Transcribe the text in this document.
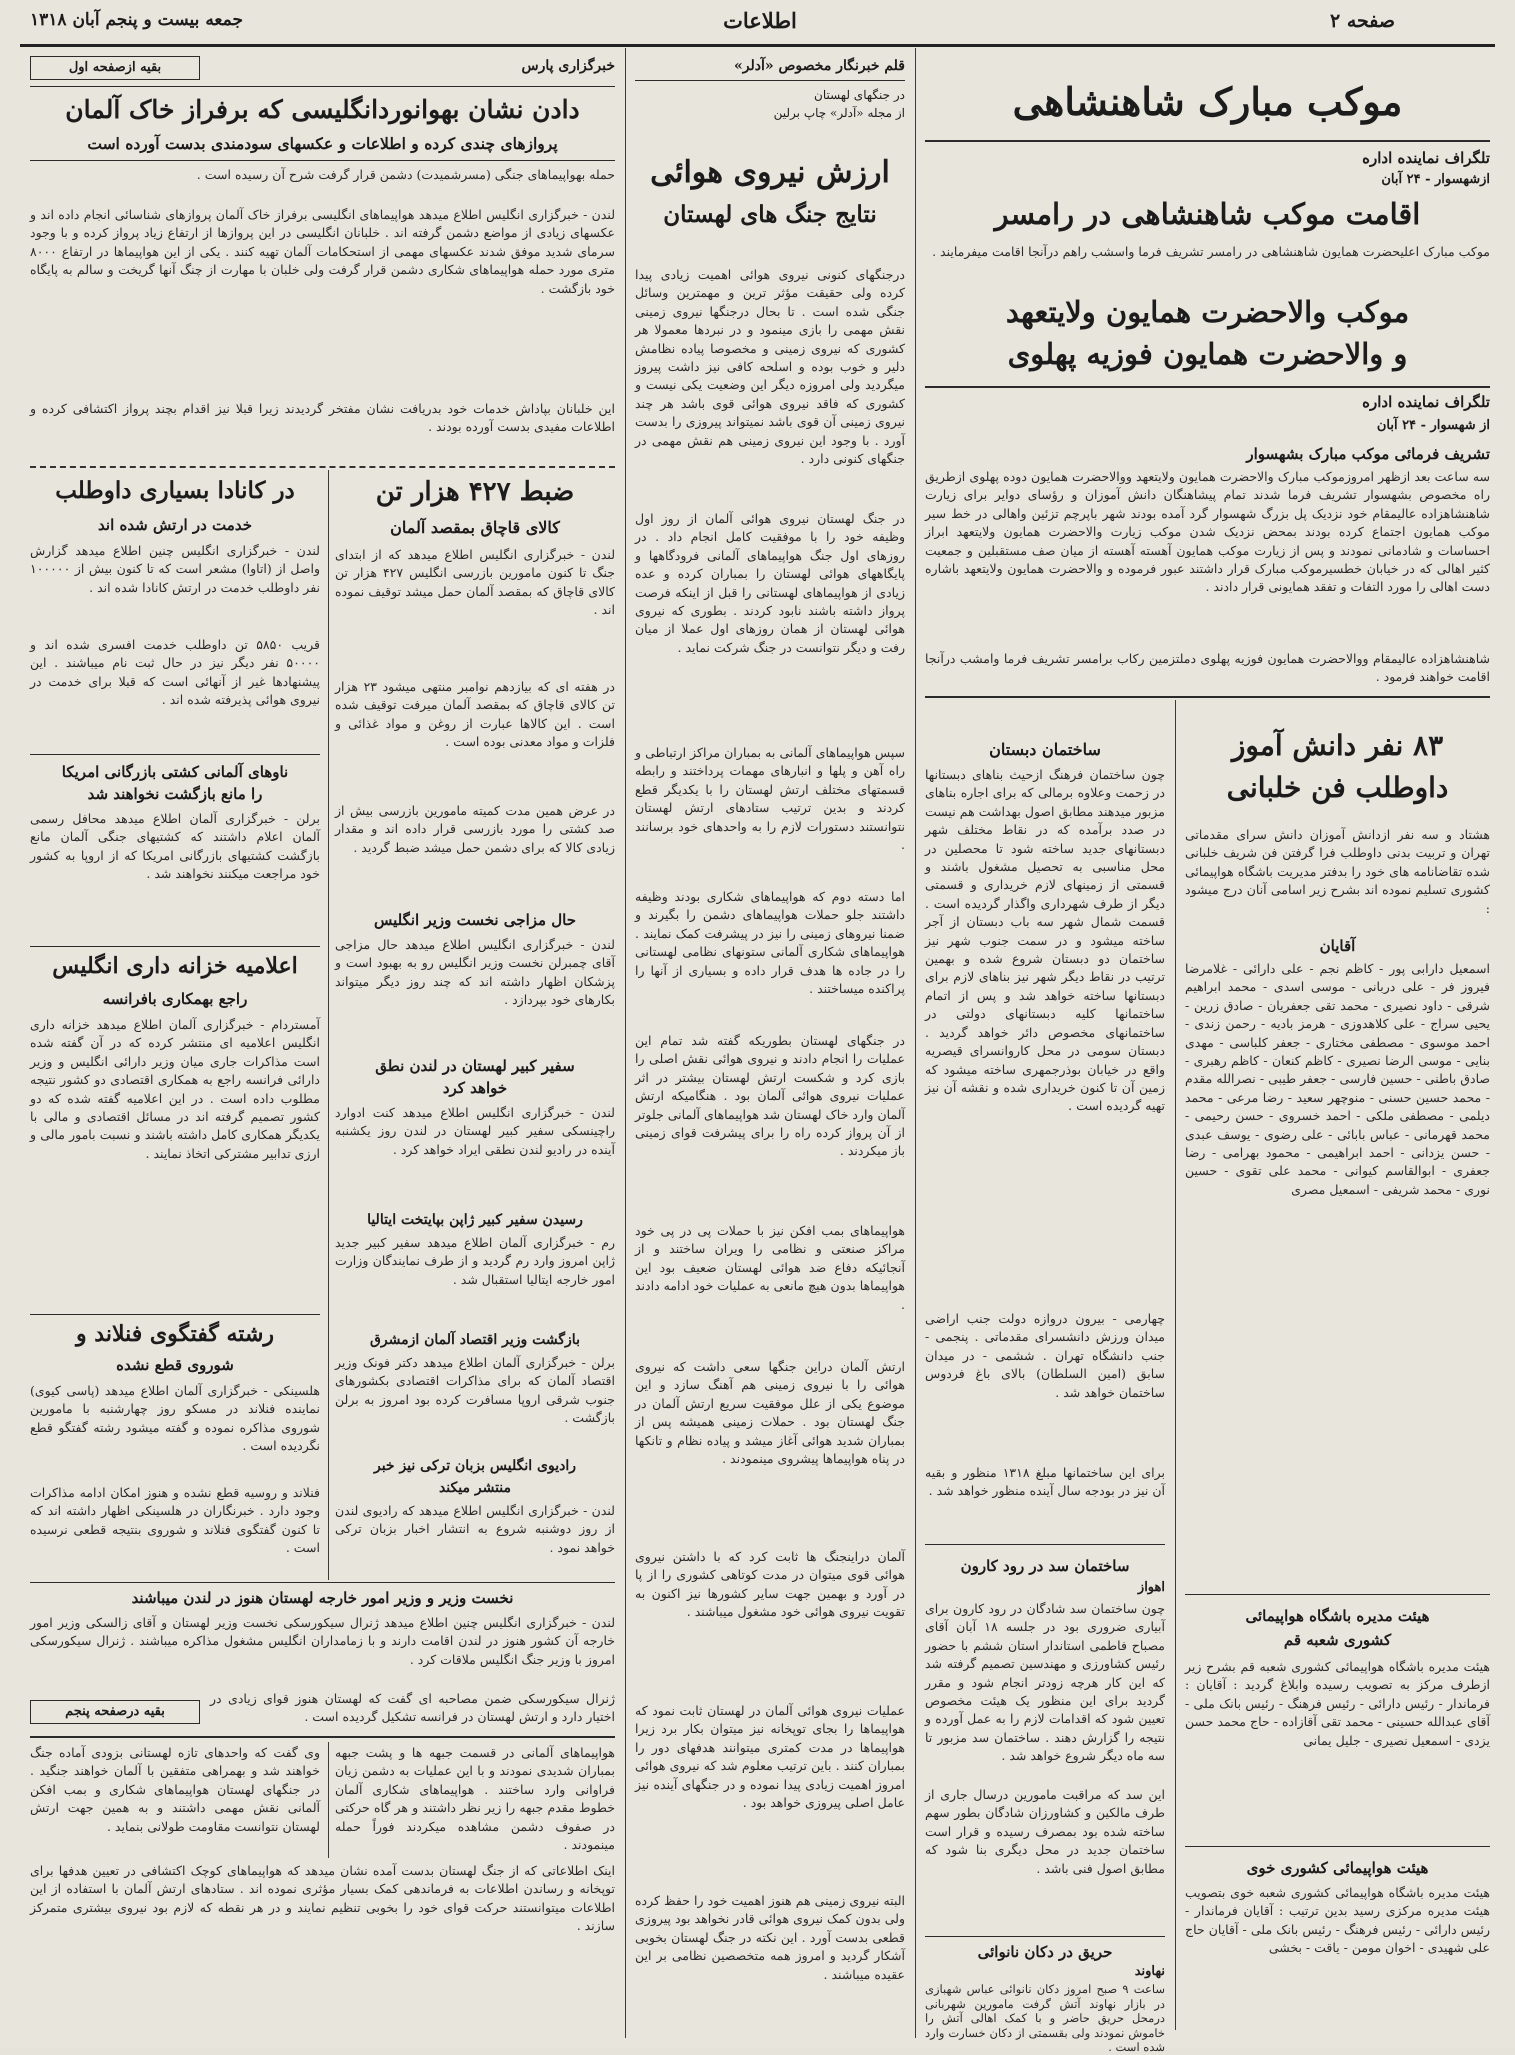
صفحه ۲
اطلاعات
جمعه بیست و پنجم آبان ۱۳۱۸
موکب مبارک شاهنشاهی
تلگراف نماینده اداره
ازشهسوار - ۲۴ آبان
اقامت موکب شاهنشاهی در رامسر
موکب مبارک اعلیحضرت همایون شاهنشاهی در رامسر تشریف فرما واسشب راهم درآنجا اقامت میفرمایند .
موکب والاحضرت همایون ولایتعهد
و والاحضرت همایون فوزیه پهلوی
تلگراف نماینده اداره
از شهسوار - ۲۴ آبان
تشریف فرمائی موکب مبارک بشهسوار
سه ساعت بعد ازظهر امروزموکب مبارک والاحضرت همایون ولایتعهد ووالاحضرت همایون دوده پهلوی ازطریق راه مخصوص بشهسوار تشریف فرما شدند تمام پیشاهنگان دانش آموزان و رؤسای دوایر برای زیارت شاهنشاهزاده عالیمقام خود نزدیک پل بزرگ شهسوار گرد آمده بودند شهر باپرچم تزئین واهالی در خط سیر موکب همایون اجتماع کرده بودند بمحض نزدیک شدن موکب زیارت والاحضرت همایون ولایتعهد ابراز احساسات و شادمانی نمودند و پس از زیارت موکب همایون آهسته آهسته از میان صف مستقبلین و جمعیت کثیر اهالی که در خیابان خطسیرموکب مبارک قرار داشتند عبور فرموده و والاحضرت همایون ولایتعهد باشاره دست اهالی را مورد التفات و تفقد همایونی قرار دادند .
شاهنشاهزاده عالیمقام ووالاحضرت همایون فوزیه پهلوی دملتزمین رکاب برامسر تشریف فرما وامشب درآنجا اقامت خواهند فرمود .
۸۳ نفر دانش آموز
داوطلب فن خلبانی
هشتاد و سه نفر ازدانش آموزان دانش سرای مقدماتی تهران و تربیت بدنی داوطلب فرا گرفتن فن شریف خلبانی شده تقاضانامه های خود را بدفتر مدیریت باشگاه هواپیمائی کشوری تسلیم نموده اند بشرح زیر اسامی آنان درج میشود :
آقایان
اسمعیل دارابی پور - کاظم نجم - علی دارائی - غلامرضا فیروز فر - علی دربانی - موسی اسدی - محمد ابراهیم شرقی - داود نصیری - محمد تقی جعفریان - صادق زرین - یحیی سراج - علی کلاهدوزی - هرمز بادیه - رحمن زندی - احمد موسوی - مصطفی مختاری - جعفر کلباسی - مهدی بنایی - موسی الرضا نصیری - کاظم کنعان - کاظم رهبری - صادق باطنی - حسین فارسی - جعفر طیبی - نصرالله مقدم - محمد حسین حسنی - منوچهر سعید - رضا مرعی - محمد دیلمی - مصطفی ملکی - احمد خسروی - حسن رحیمی - محمد قهرمانی - عباس بابائی - علی رضوی - یوسف عبدی - حسن یزدانی - احمد ابراهیمی - محمود بهرامی - رضا جعفری - ابوالقاسم کیوانی - محمد علی تقوی - حسین نوری - محمد شریفی - اسمعیل مصری
هیئت مدیره باشگاه هواپیمائی
کشوری شعبه قم
هیئت مدیره باشگاه هواپیمائی کشوری شعبه قم بشرح زیر ازطرف مرکز به تصویب رسیده وابلاغ گردید : آقایان : فرماندار - رئیس دارائی - رئیس فرهنگ - رئیس بانک ملی - آقای عبدالله حسینی - محمد تقی آقازاده - حاج محمد حسن یزدی - اسمعیل نصیری - جلیل یمانی
هیئت هواپیمائی کشوری خوی
هیئت مدیره باشگاه هواپیمائی کشوری شعبه خوی بتصویب هیئت مدیره مرکزی رسید بدین ترتیب : آقایان فرماندار - رئیس دارائی - رئیس فرهنگ - رئیس بانک ملی - آقایان حاج علی شهیدی - اخوان مومن - یاقت - بخشی
ساختمان دبستان
چون ساختمان فرهنگ ازحیث بناهای دبستانها در زحمت وعلاوه برمالی که برای اجاره بناهای مزبور میدهند مطابق اصول بهداشت هم نیست در صدد برآمده که در نقاط مختلف شهر دبستانهای جدید ساخته شود تا محصلین در محل مناسبی به تحصیل مشغول باشند و قسمتی از زمینهای لازم خریداری و قسمتی دیگر از طرف شهرداری واگذار گردیده است . قسمت شمال شهر سه باب دبستان از آجر ساخته میشود و در سمت جنوب شهر نیز ساختمان دو دبستان شروع شده و بهمین ترتیب در نقاط دیگر شهر نیز بناهای لازم برای دبستانها ساخته خواهد شد و پس از اتمام ساختمانها کلیه دبستانهای دولتی در ساختمانهای مخصوص دائر خواهد گردید . دبستان سومی در محل کاروانسرای قیصریه واقع در خیابان بوذرجمهری ساخته میشود که زمین آن تا کنون خریداری شده و نقشه آن نیز تهیه گردیده است .
چهارمی - بیرون دروازه دولت جنب اراضی میدان ورزش دانشسرای مقدماتی . پنجمی - جنب دانشگاه تهران . ششمی - در میدان سابق (امین السلطان) بالای باغ فردوس ساختمان خواهد شد .
برای این ساختمانها مبلغ ۱۳۱۸ منظور و بقیه آن نیز در بودجه سال آینده منظور خواهد شد .
ساختمان سد در رود کارون
اهواز
چون ساختمان سد شادگان در رود کارون برای آبیاری ضروری بود در جلسه ۱۸ آبان آقای مصباح فاطمی استاندار استان ششم با حضور رئیس کشاورزی و مهندسین تصمیم گرفته شد که این کار هرچه زودتر انجام شود و مقرر گردید برای این منظور یک هیئت مخصوص تعیین شود که اقدامات لازم را به عمل آورده و نتیجه را گزارش دهند . ساختمان سد مزبور تا سه ماه دیگر شروع خواهد شد .
این سد که مراقبت مامورین درسال جاری از طرف مالکین و کشاورزان شادگان بطور سهم ساخته شده بود بمصرف رسیده و قرار است ساختمان جدید در محل دیگری بنا شود که مطابق اصول فنی باشد .
حریق در دکان نانوائی
نهاوند
ساعت ۹ صبح امروز دکان نانوائی عباس شهبازی در بازار نهاوند آتش گرفت مامورین شهربانی درمحل حریق حاضر و با کمک اهالی آتش را خاموش نمودند ولی بقسمتی از دکان خسارت وارد شده است .
قلم خبرنگار مخصوص «آدلر»
در جنگهای لهستان
از مجله «آدلر» چاپ برلین
ارزش نیروی هوائی
نتایج جنگ های لهستان
درجنگهای کنونی نیروی هوائی اهمیت زیادی پیدا کرده ولی حقیقت مؤثر ترین و مهمترین وسائل جنگی شده است . تا بحال درجنگها نیروی زمینی نقش مهمی را بازی مینمود و در نبردها معمولا هر کشوری که نیروی زمینی و مخصوصا پیاده نظامش دلیر و خوب بوده و اسلحه کافی نیز داشت پیروز میگردید ولی امروزه دیگر این وضعیت یکی نیست و کشوری که فاقد نیروی هوائی قوی باشد هر چند نیروی زمینی آن قوی باشد نمیتواند پیروزی را بدست آورد . با وجود این نیروی زمینی هم نقش مهمی در جنگهای کنونی دارد .
در جنگ لهستان نیروی هوائی آلمان از روز اول وظیفه خود را با موفقیت کامل انجام داد . در روزهای اول جنگ هواپیماهای آلمانی فرودگاهها و پایگاههای هوائی لهستان را بمباران کرده و عده زیادی از هواپیماهای لهستانی را قبل از اینکه فرصت پرواز داشته باشند نابود کردند . بطوری که نیروی هوائی لهستان از همان روزهای اول عملا از میان رفت و دیگر نتوانست در جنگ شرکت نماید .
سپس هواپیماهای آلمانی به بمباران مراکز ارتباطی و راه آهن و پلها و انبارهای مهمات پرداختند و رابطه قسمتهای مختلف ارتش لهستان را با یکدیگر قطع کردند و بدین ترتیب ستادهای ارتش لهستان نتوانستند دستورات لازم را به واحدهای خود برسانند .
اما دسته دوم که هواپیماهای شکاری بودند وظیفه داشتند جلو حملات هواپیماهای دشمن را بگیرند و ضمنا نیروهای زمینی را نیز در پیشرفت کمک نمایند . هواپیماهای شکاری آلمانی ستونهای نظامی لهستانی را در جاده ها هدف قرار داده و بسیاری از آنها را پراکنده میساختند .
در جنگهای لهستان بطوریکه گفته شد تمام این عملیات را انجام دادند و نیروی هوائی نقش اصلی را بازی کرد و شکست ارتش لهستان بیشتر در اثر عملیات نیروی هوائی آلمان بود . هنگامیکه ارتش آلمان وارد خاک لهستان شد هواپیماهای آلمانی جلوتر از آن پرواز کرده راه را برای پیشرفت قوای زمینی باز میکردند .
هواپیماهای بمب افکن نیز با حملات پی در پی خود مراکز صنعتی و نظامی را ویران ساختند و از آنجائیکه دفاع ضد هوائی لهستان ضعیف بود این هواپیماها بدون هیچ مانعی به عملیات خود ادامه دادند .
ارتش آلمان دراین جنگها سعی داشت که نیروی هوائی را با نیروی زمینی هم آهنگ سازد و این موضوع یکی از علل موفقیت سریع ارتش آلمان در جنگ لهستان بود . حملات زمینی همیشه پس از بمباران شدید هوائی آغاز میشد و پیاده نظام و تانکها در پناه هواپیماها پیشروی مینمودند .
آلمان دراینجنگ ها ثابت کرد که با داشتن نیروی هوائی قوی میتوان در مدت کوتاهی کشوری را از پا در آورد و بهمین جهت سایر کشورها نیز اکنون به تقویت نیروی هوائی خود مشغول میباشند .
عملیات نیروی هوائی آلمان در لهستان ثابت نمود که هواپیماها را بجای توپخانه نیز میتوان بکار برد زیرا هواپیماها در مدت کمتری میتوانند هدفهای دور را بمباران کنند . باین ترتیب معلوم شد که نیروی هوائی امروز اهمیت زیادی پیدا نموده و در جنگهای آینده نیز عامل اصلی پیروزی خواهد بود .
البته نیروی زمینی هم هنوز اهمیت خود را حفظ کرده ولی بدون کمک نیروی هوائی قادر نخواهد بود پیروزی قطعی بدست آورد . این نکته در جنگ لهستان بخوبی آشکار گردید و امروز همه متخصصین نظامی بر این عقیده میباشند .
خبرگزاری پارس
بقیه ازصفحه اول
دادن نشان بهوانوردانگلیسی که برفراز خاک آلمان
پروازهای چندی کرده و اطلاعات و عکسهای سودمندی بدست آورده است
حمله بهواپیماهای جنگی (مسرشمیدت) دشمن قرار گرفت شرح آن رسیده است .
لندن - خبرگزاری انگلیس اطلاع میدهد هواپیماهای انگلیسی برفراز خاک آلمان پروازهای شناسائی انجام داده اند و عکسهای زیادی از مواضع دشمن گرفته اند . خلبانان انگلیسی در این پروازها از ارتفاع زیاد پرواز کرده و با وجود سرمای شدید موفق شدند عکسهای مهمی از استحکامات آلمان تهیه کنند . یکی از این هواپیماها در ارتفاع ۸۰۰۰ متری مورد حمله هواپیماهای شکاری دشمن قرار گرفت ولی خلبان با مهارت از چنگ آنها گریخت و سالم به پایگاه خود بازگشت .
این خلبانان بپاداش خدمات خود بدریافت نشان مفتخر گردیدند زیرا قبلا نیز اقدام بچند پرواز اکتشافی کرده و اطلاعات مفیدی بدست آورده بودند .
ضبط ۴۲۷ هزار تن
کالای قاچاق بمقصد آلمان
لندن - خبرگزاری انگلیس اطلاع میدهد که از ابتدای جنگ تا کنون مامورین بازرسی انگلیس ۴۲۷ هزار تن کالای قاچاق که بمقصد آلمان حمل میشد توقیف نموده اند .
در هفته ای که بیازدهم نوامبر منتهی میشود ۲۳ هزار تن کالای قاچاق که بمقصد آلمان میرفت توقیف شده است . این کالاها عبارت از روغن و مواد غذائی و فلزات و مواد معدنی بوده است .
در عرض همین مدت کمیته مامورین بازرسی بیش از صد کشتی را مورد بازرسی قرار داده اند و مقدار زیادی کالا که برای دشمن حمل میشد ضبط گردید .
حال مزاجی نخست وزیر انگلیس
لندن - خبرگزاری انگلیس اطلاع میدهد حال مزاجی آقای چمبرلن نخست وزیر انگلیس رو به بهبود است و پزشکان اظهار داشته اند که چند روز دیگر میتواند بکارهای خود بپردازد .
سفیر کبیر لهستان در لندن نطق
خواهد کرد
لندن - خبرگزاری انگلیس اطلاع میدهد کنت ادوارد راچینسکی سفیر کبیر لهستان در لندن روز یکشنبه آینده در رادیو لندن نطقی ایراد خواهد کرد .
رسیدن سفیر کبیر ژاپن بپایتخت ایتالیا
رم - خبرگزاری آلمان اطلاع میدهد سفیر کبیر جدید ژاپن امروز وارد رم گردید و از طرف نمایندگان وزارت امور خارجه ایتالیا استقبال شد .
بازگشت وزیر اقتصاد آلمان ازمشرق
برلن - خبرگزاری آلمان اطلاع میدهد دکتر فونک وزیر اقتصاد آلمان که برای مذاکرات اقتصادی بکشورهای جنوب شرقی اروپا مسافرت کرده بود امروز به برلن بازگشت .
رادیوی انگلیس بزبان ترکی نیز خبر
منتشر میکند
لندن - خبرگزاری انگلیس اطلاع میدهد که رادیوی لندن از روز دوشنبه شروع به انتشار اخبار بزبان ترکی خواهد نمود .
در کانادا بسیاری داوطلب
خدمت در ارتش شده اند
لندن - خبرگزاری انگلیس چنین اطلاع میدهد گزارش واصل از (اتاوا) مشعر است که تا کنون بیش از ۱۰۰۰۰۰ نفر داوطلب خدمت در ارتش کانادا شده اند .
قریب ۵۸۵۰ تن داوطلب خدمت افسری شده اند و ۵۰۰۰۰ نفر دیگر نیز در حال ثبت نام میباشند . این پیشنهادها غیر از آنهائی است که قبلا برای خدمت در نیروی هوائی پذیرفته شده اند .
ناوهای آلمانی کشتی بازرگانی امریکا
را مانع بازگشت نخواهند شد
برلن - خبرگزاری آلمان اطلاع میدهد محافل رسمی آلمان اعلام داشتند که کشتیهای جنگی آلمان مانع بازگشت کشتیهای بازرگانی امریکا که از اروپا به کشور خود مراجعت میکنند نخواهند شد .
اعلامیه خزانه داری انگلیس
راجع بهمکاری بافرانسه
آمستردام - خبرگزاری آلمان اطلاع میدهد خزانه داری انگلیس اعلامیه ای منتشر کرده که در آن گفته شده است مذاکرات جاری میان وزیر دارائی انگلیس و وزیر دارائی فرانسه راجع به همکاری اقتصادی دو کشور نتیجه مطلوب داده است . در این اعلامیه گفته شده که دو کشور تصمیم گرفته اند در مسائل اقتصادی و مالی با یکدیگر همکاری کامل داشته باشند و نسبت بامور مالی و ارزی تدابیر مشترکی اتخاذ نمایند .
رشته گفتگوی فنلاند و
شوروی قطع نشده
هلسینکی - خبرگزاری آلمان اطلاع میدهد (پاسی کیوی) نماینده فنلاند در مسکو روز چهارشنبه با مامورین شوروی مذاکره نموده و گفته میشود رشته گفتگو قطع نگردیده است .
فنلاند و روسیه قطع نشده و هنوز امکان ادامه مذاکرات وجود دارد . خبرنگاران در هلسینکی اظهار داشته اند که تا کنون گفتگوی فنلاند و شوروی بنتیجه قطعی نرسیده است .
نخست وزیر و وزیر امور خارجه لهستان هنوز در لندن میباشند
لندن - خبرگزاری انگلیس چنین اطلاع میدهد ژنرال سیکورسکی نخست وزیر لهستان و آقای زالسکی وزیر امور خارجه آن کشور هنوز در لندن اقامت دارند و با زمامداران انگلیس مشغول مذاکره میباشند . ژنرال سیکورسکی امروز با وزیر جنگ انگلیس ملاقات کرد .
ژنرال سیکورسکی ضمن مصاحبه ای گفت که لهستان هنوز قوای زیادی در اختیار دارد و ارتش لهستان در فرانسه تشکیل گردیده است .
بقیه درصفحه پنجم
هواپیماهای آلمانی در قسمت جبهه ها و پشت جبهه بمباران شدیدی نمودند و با این عملیات به دشمن زیان فراوانی وارد ساختند . هواپیماهای شکاری آلمان خطوط مقدم جبهه را زیر نظر داشتند و هر گاه حرکتی در صفوف دشمن مشاهده میکردند فوراً حمله مینمودند .
وی گفت که واحدهای تازه لهستانی بزودی آماده جنگ خواهند شد و بهمراهی متفقین با آلمان خواهند جنگید . در جنگهای لهستان هواپیماهای شکاری و بمب افکن آلمانی نقش مهمی داشتند و به همین جهت ارتش لهستان نتوانست مقاومت طولانی بنماید .
اینک اطلاعاتی که از جنگ لهستان بدست آمده نشان میدهد که هواپیماهای کوچک اکتشافی در تعیین هدفها برای توپخانه و رساندن اطلاعات به فرماندهی کمک بسیار مؤثری نموده اند . ستادهای ارتش آلمان با استفاده از این اطلاعات میتوانستند حرکت قوای خود را بخوبی تنظیم نمایند و در هر نقطه که لازم بود نیروی بیشتری متمرکز سازند .
